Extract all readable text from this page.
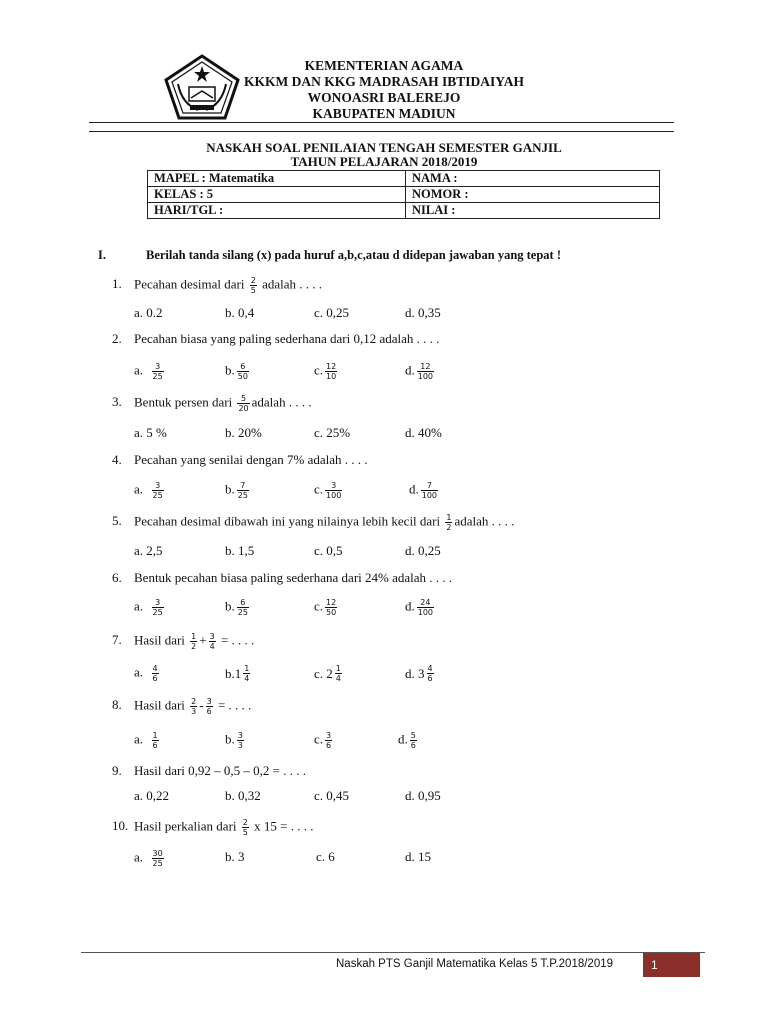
KEMENTERIAN AGAMA
KKKM DAN KKG MADRASAH IBTIDAIYAH
WONOASRI BALEREJO
KABUPATEN MADIUN
NASKAH SOAL PENILAIAN TENGAH SEMESTER GANJIL
TAHUN PELAJARAN 2018/2019
MAPEL : Matematika	NAMA :
KELAS : 5	NOMOR :
HARI/TGL :	NILAI :
I.	Berilah tanda silang (x) pada huruf a,b,c,atau d didepan jawaban yang tepat !
1. Pecahan desimal dari $\frac{2}{5}$ adalah . . . .
a. 0.2	b. 0,4	c. 0,25	d. 0,35
2. Pecahan biasa yang paling sederhana dari 0,12 adalah . . . .
a. $\frac{3}{25}$	b. $\frac{6}{50}$	c. $\frac{12}{10}$	d. $\frac{12}{100}$
3. Bentuk persen dari $\frac{5}{20}$ adalah . . . .
a. 5 %	b. 20%	c. 25%	d. 40%
4. Pecahan yang senilai dengan 7% adalah . . . .
a. $\frac{3}{25}$	b. $\frac{7}{25}$	c. $\frac{3}{100}$	d. $\frac{7}{100}$
5. Pecahan desimal dibawah ini yang nilainya lebih kecil dari $\frac{1}{2}$ adalah . . . .
a. 2,5	b. 1,5	c. 0,5	d. 0,25
6. Bentuk pecahan biasa paling sederhana dari 24% adalah . . . .
a. $\frac{3}{25}$	b. $\frac{6}{25}$	c. $\frac{12}{50}$	d. $\frac{24}{100}$
7. Hasil dari $\frac{1}{2} + \frac{3}{4}$ = . . . .
a. $\frac{4}{6}$	$b.1 \frac{1}{4}$	c. $2 \frac{1}{4}$	d. $3 \frac{4}{6}$
8. Hasil dari $\frac{2}{3} - \frac{3}{6}$ = . . . .
a. $\frac{1}{6}$	b. $\frac{3}{3}$	c. $\frac{3}{6}$	d. $\frac{5}{6}$
9. Hasil dari 0,92 – 0,5 – 0,2 = . . . .
a. 0,22	b. 0,32	c. 0,45	d. 0,95
10. Hasil perkalian dari $\frac{2}{5}$ x 15 = . . . .
a. $\frac{30}{25}$	b. 3	c. 6	d. 15
Naskah PTS Ganjil Matematika Kelas 5 T.P.2018/2019	1
